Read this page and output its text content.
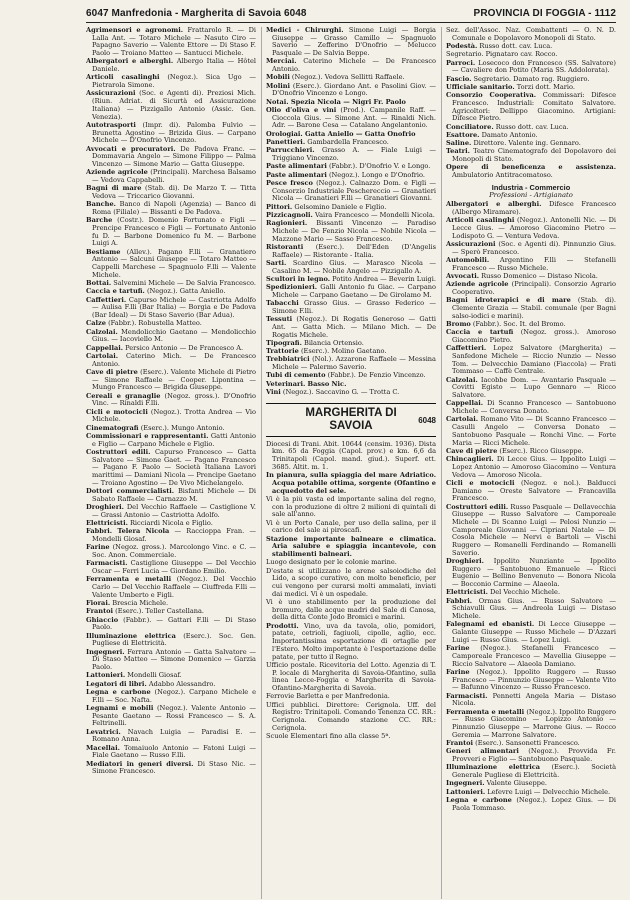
6047 Manfredonia - Margherita di Savoia 6048	PROVINCIA DI FOGGIA - 1112
Agrimensori e agronomi. Frattarolo R. — Di Lalla Ant. — Totaro Michele — Nasuto Ciro — Papagno Saverio — Valente Ettore — Di Staso F. Paolo — Troiano Matteo — Santucci Michele.
Albergatori e alberghi. Albergo Italia — Hôtel Daniele.
Articoli casalinghi (Negoz.). Sica Ugo — Pietrarola Simone.
Assicurazioni (Soc. e Agenti di). Preziosi Mich. (Riun. Adriat. di Sicurtà ed Assicurazione Italiana) — Pizzigallo Antonio (Assic. Gen. Venezia).
Autotrasporti (Impr. di). Palomba Fulvio — Brunetta Agostino — Brizida Gius. — Carpano Michele — D'Onofrio Vincenzo.
Avvocati e procuratori. De Padova Franc. — Dommavaria Angelo — Simone Filippo — Palma Vincenzo — Simone Mario — Gatta Giuseppe.
Aziende agricole (Principali). Marchesa Balsamo — Vedova Cappabelli.
Bagni di mare (Stab. di). De Marzo T. — Titta Vedova — Triccarico Giovanni.
Banche. Banco di Napoli (Agenzia) — Banco di Roma (Filiale) — Bissanti e De Padova.
Barche (Costr.). Domenio Fortunato e Figli — Prencipe Francesco e Figli — Fortunato Antonio fu D. — Barbone Domenico fu M. — Barbone Luigi A.
Bestiame (Allev.). Pagano F.lli — Granatiero Antonio — Salcuni Giuseppe — Totaro Matteo — Cappelli Marchese — Spagnuolo F.lli — Valente Michele.
Bottai. Salvemini Michele — De Salvia Francesco.
Caccia e tartufi. (Negoz.). Gatta Aniello.
Caffettieri. Capurso Michele — Castriotta Adolfo — Aulisa F.lli (Bar Italia) — Borgia e De Padova (Bar Ideal) — Di Staso Saverio (Bar Adua).
Calze (Fabbr.). Robustella Matteo.
Calzolai. Mendolicchio Gaetano — Mendolicchio Gius. — Iacoviello M.
Cappellai. Persico Antonio — De Francesco A.
Cartolai. Caterino Mich. — De Francesco Antonio.
Cave di pietre (Eserc.). Valente Michele di Pietro — Simone Raffaele — Cooper. Lipontina — Mungo Francesco — Brigida Giuseppe.
Cereali e granaglie (Negoz. gross.). D'Onofrio Vinc. — Rinaldi F.lli.
Cicli e motocicli (Negoz.). Trotta Andrea — Vio Michele.
Cinematografi (Eserc.). Mungo Antonio.
Commissionari e rappresentanti. Gatti Antonio e Figlio — Carpano Michele e Figlio.
Costruttori edili. Capurso Francesco — Gatta Salvatore — Simone Gaet. — Pagano Francesco — Pagano F. Paolo — Società Italiana Lavori marittimi — Damiani Nicola — Prencipe Gaetano — Troiano Agostino — De Vivo Michelangelo.
Dottori commercialisti. Bisfanti Michele — Di Sabato Raffaele — Carnazzo M.
Droghieri. Del Vecchio Raffaele — Castiglione V. — Grassi Antonio — Castriotta Adolfo.
Elettricisti. Ricciardi Nicola e Figlio.
Fabbri. Telera Nicola — Raccioppa Fran. — Mondelli Giosaf.
Farine (Negoz. gross.). Marcolongo Vinc. e C. — Soc. Anon. Commerciale.
Farmacisti. Castiglione Giuseppe — Del Vecchio Oscar — Ferri Lucia — Giordano Emilio.
Ferramenta e metalli (Negoz.). Del Vecchio Carlo — Del Vecchio Raffaele — Ciuffreda F.lli — Valente Umberto e Figli.
Fiorai. Brescia Michele.
Frantoi (Eserc.). Teller Castellana.
Ghiaccio (Fabbr.). — Gattari F.lli — Di Staso Paolo.
Illuminazione elettrica (Eserc.). Soc. Gen. Pugliese di Elettricità.
Ingegneri. Ferrara Antonio — Gatta Salvatore — Di Staso Matteo — Simone Domenico — Garzia Paolo.
Lattonieri. Mondelli Giosaf.
Legatori di libri. Adabbo Alessandro.
Legna e carbone (Negoz.). Carpano Michele e F.lli — Soc. Nafta.
Legnami e mobili (Negoz.). Valente Antonio — Pesante Gaetano — Rossi Francesco — S. A. Feltrinelli.
Levatrici. Navach Luigia — Paradisi E. — Romano Anna.
Macellai. Tomaiuolo Antonio — Fatoni Luigi — Fiale Gaetano — Russo F.lli.
Mediatori in generi diversi. Di Staso Nic. — Simone Francesco.
Medici - Chirurghi. Simone Luigi — Borgia Giuseppe — Grasso Camillo — Spagnuolo Saverio — Zefferino D'Onofrio — Melucco Pasquale — De Salvia Beppe.
Merciai. Caterino Michele — De Francesco Antonio.
Mobili (Negoz.). Vedova Sellitti Raffaele.
Molini (Eserc.). Giordano Ant. e Pasolini Giov. — D'Onofrio Vincenzo e Longo.
Notai. Spezia Nicola — Nigri Fr. Paolo
Olio d'oliva e vini (Prod.). Campanile Raff. — Cioccola Gius. — Simone Ant. — Rinaldi Nich. Adr. — Barone Cesa — Catalano Angelantonio.
Orologiai. Gatta Aniello — Gatta Onofrio
Panettieri. Gambardella Francesco.
Parrucchieri. Grasso A. — Fiale Luigi — Triggiano Vincenzo.
Paste alimentari (Fabbr.). D'Onofrio V. e Longo.
Paste alimentari (Negoz.). Longo e D'Onofrio.
Pesce fresco (Negoz.). Calnazzo Dom. e Figli — Consorzio Industriale Peschereccio — Granatieri Nicola — Granatieri F.lli — Granatieri Giovanni.
Pittori. Gelsomino Daniele e Figlio.
Pizzicagnoli. Vaira Francesco — Mondelli Nicola.
Ragionieri. Bissanti Vincenzo — Paradiso Michele — De Fenzio Nicola — Nobile Nicola — Mazzone Mario — Sasso Francesco.
Ristoranti (Eserc.). Dell'Eden (D'Angelis Raffaele) — Ristorante - Italia.
Sarti. Scardino Gius. — Marasco Nicola — Casalino M. — Nobile Angelo — Pizzigallo A.
Scultori in legno. Potito Andrea — Beverin Luigi.
Spedizionieri. Galli Antonio fu Giac. — Carpano Michele — Carpano Gaetano — De Girolamo M.
Tabacchi Grasso Gius. — Grasso Federico — Simone F.lli.
Tessuti (Negoz.). Di Rogatis Generoso — Gatti Ant. — Gatta Mich. — Milano Mich. — De Rogatis Michele.
Tipografi. Bilancia Ortensio.
Trattorie (Eserc.). Molino Gaetano.
Trebbiatrici (Nol.). Azzarone Raffaele — Messina Michele — Palermo Saverio.
Tubi di cemento (Fabbr.). De Fenzio Vincenzo.
Veterinari. Basso Nic.
Vini (Negoz.). Saccavino G. — Trotta C.
MARGHERITA DI
SAVOIA	6048
Diocesi di Trani. Abit. 10644 (censim. 1936). Dista km. 65 da Foggia (Capol. prov.) e km. 6,6 da Trinitapoli (Capol. mand. giud.). Superf. ett. 3685. Altit. m. 1.
In pianura, sulla spiaggia del mare Adriatico. Acqua potabile ottima, sorgente (Ofantino e acquedotto del sele.
Vi è la più vasta ed importante salina del regno, con la produzione di oltre 2 milioni di quintali di sale all'anno.
Vi è un Porto Canale, per uso della salina, per il carico del sale ai piroscafi.
Stazione importante balneare e climatica. Aria salubre e spiaggia incantevole, con stabilimenti balneari.
Luogo designato per le colonie marine.
D'estate si utilizzano le arene salsoiodiche del Lido, a scopo curativo, con molto beneficio, per cui vengono per curarsi molti ammalati, inviati dai medici. Vi è un ospedale.
Vi è uno stabilimento per la produzione del bromuro, dalle acque madri del Sale di Canosa, della ditta Conte Jodo Bromici e marini.
Prodotti. Vino, uva da tavola, olio, pomidori, patate, cetrioli, fagiuoli, cipolle, aglio, ecc. Importantissima esportazione di ortaglie per l'Estero. Molto importante è l'esportazione delle patate, per tutto il Regno.
Ufficio postale. Ricevitoria del Lotto. Agenzia di T. P. locale di Margherita di Savoia-Ofantino, sulla linea Lecce-Foggia e Margherita di Savoia-Ofantino-Margherita di Savoia.
Ferrovie Barletta e per Manfredonia.
Uffici pubblici. Direttore: Cerignola. Uff. del Registro: Trinitapoli. Comando Tenenza CC. RR.: Cerignola. Comando stazione CC. RR.: Cerignola.
Scuole Elementari fino alla classe 5ª.
Sez. dell'Assoc. Naz. Combattenti — O. N. D. Comunale e Dopolavoro Monopoli di Stato.
Podestà. Russo dott. cav. Luca.
Segretario. Pignataro cav. Rocco.
Parroci. Losecoco don Francesco (SS. Salvatore) — Cavaliere don Potito (Maria SS. Addolorata).
Fascio. Segretario. Damato rag. Ruggiero.
Ufficiale sanitario. Torzi dott. Mario.
Consorzio Cooperativa. Commissari: Difesce Francesco. Industriali: Comitato Salvatore. Agricoltori: Dellippo Giacomino. Artigiani: Difesce Pietro.
Conciliatore. Russo dott. cav. Luca.
Esattore. Damato Antonio.
Saline. Direttore. Valente ing. Gennaro.
Teatri. Teatro Cinematografo del Dopolavoro dei Monopoli di Stato.
Opere di beneficenza e assistenza. Ambulatorio Antitracomatoso.
Industria - Commercio
Professioni - Artigianato
Albergatori e alberghi. Difesce Francesco (Albergo Miramare).
Articoli casalinghi (Negoz.). Antonelli Nic. — Di Lecce Gius. — Amoroso Giacomino Pietro — Lodispoto G. — Ventura Vedova.
Assicurazioni (Soc. e Agenti di). Pinnunzio Gius. — Sperò Francesco.
Automobili. Argentino F.lli — Stefanelli Francesco — Russo Michele.
Avvocati. Russo Domenico — Distaso Nicola.
Aziende agricole (Principali). Consorzio Agrario Cooperativo.
Bagni idroterapici e di mare (Stab. di). Clemente Grazia — Stabil. comunale (per Bagni salso-iodici e marini).
Bromo (Fabbr.). Soc. It. del Bromo.
Caccia e tartufi (Negoz. gross.). Amoroso Giacomino Pietro.
Caffettieri. Lopez Salvatore (Margherita) — Sanfedone Michele — Riccio Nunzio — Nesso Tom. — Delvecchio Damiano (Fiaccola) — Frati Tommaso — Caffè Centrale.
Calzolai. Iacobbe Dom. — Avantario Pasquale — Covitti Egisto — Lupo Gennaro — Ricco Salvatore.
Cappellai. Di Scanno Francesco — Santobuono Michele — Conversa Donato.
Cartolai. Romano Vito — Di Scanno Francesco — Casulli Angelo — Conversa Donato — Santobuono Pasquale — Ronchi Vinc. — Forte Maria — Ricci Michele.
Cave di pietre (Eserc.). Ricco Giuseppe.
Chincaglieri. Di Lecce Gius. — Ippolito Luigi — Lopez Antonio — Amoroso Giacomino — Ventura Vedova — Amoroso Nicola.
Cicli e motocicli (Negoz. e nol.). Balducci Damiano — Oreste Salvatore — Francavilla Francesco.
Costruttori edili. Russo Pasquale — Dellavecchia Giuseppe — Russo Salvatore — Camporeale Michele — Di Scanno Luigi — Pelosi Nunzio — Camporeale Giovanni — Cipriani Natale — Di Cosola Michele — Nervi e Bartoli — Vischi Ruggero — Romanelli Ferdinando — Romanelli Saverio.
Droghieri. Ippolito Nunziante — Ippolito Ruggero — Santobuono Emanuele — Ricci Eugenio — Bellino Benvenuto — Bonora Nicola — Bocconio Carmine — Alaeola.
Elettricisti. Del Vecchio Michele.
Fabbri. Ormas Gius. — Russo Salvatore — Schiavulli Gius. — Andreola Luigi — Distaso Michele.
Falegnami ed ebanisti. Di Lecce Giuseppe — Galante Giuseppe — Russo Michele — D'Azzari Luigi — Russo Gius. — Lopez Luigi.
Farine (Negoz.). Stefanelli Francesco — Camporeale Francesco — Mavellia Giuseppe — Riccio Salvatore — Alaeola Damiano.
Farine (Negoz.). Ippolito Ruggero — Russo Francesco — Pinnunzio Giuseppe — Valente Vito — Bafunno Vincenzo — Russo Francesco.
Farmacisti. Pennetti Angela Maria — Distaso Nicola.
Ferramenta e metalli (Negoz.). Ippolito Ruggero — Russo Giacomino — Lopizzo Antonio — Pinnunzio Giuseppe — Marrone Gius. — Rocco Geremia — Marrone Salvatore.
Frantoi (Eserc.). Sansonetti Francesco.
Generi alimentari (Negoz.). Provvida Fr. Provveri e Figlio — Santobuono Pasquale.
Illuminazione elettrica (Eserc.). Società Generale Pugliese di Elettricità.
Ingegneri. Valente Giuseppe.
Lattonieri. Lefevre Luigi — Delvecchio Michele.
Legna e carbone (Negoz.). Lopez Gius. — Di Paola Tommaso.
